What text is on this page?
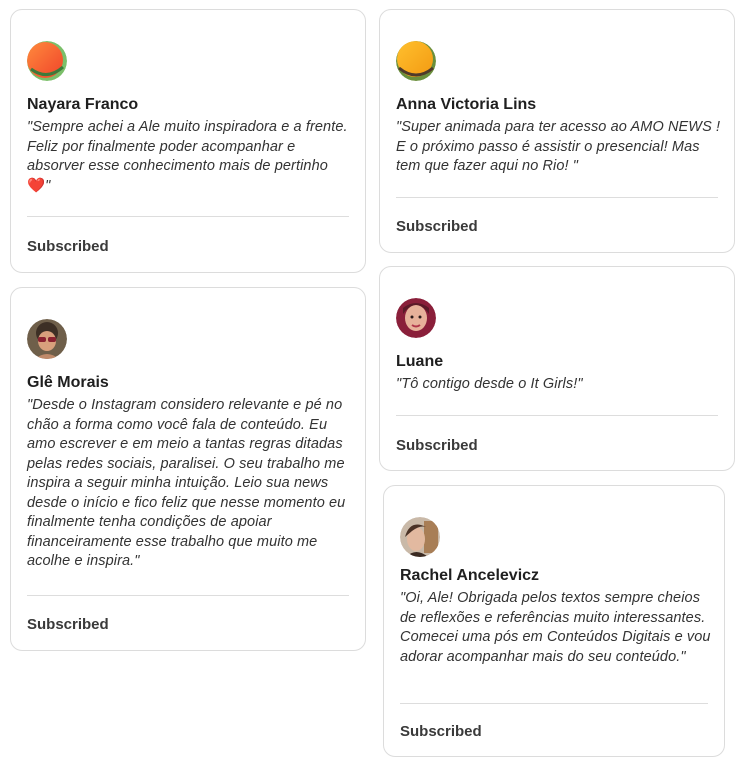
Nayara Franco
"Sempre achei a Ale muito inspiradora e a frente. Feliz por finalmente poder acompanhar e absorver esse conhecimento mais de pertinho ❤️"
Subscribed
Anna Victoria Lins
"Super animada para ter acesso ao AMO NEWS ! E o próximo passo é assistir o presencial! Mas tem que fazer aqui no Rio! "
Subscribed
Glê Morais
"Desde o Instagram considero relevante e pé no chão a forma como você fala de conteúdo. Eu amo escrever e em meio a tantas regras ditadas pelas redes sociais, paralisei. O seu trabalho me inspira a seguir minha intuição. Leio sua news desde o início e fico feliz que nesse momento eu finalmente tenha condições de apoiar financeiramente esse trabalho que muito me acolhe e inspira."
Subscribed
Luane
"Tô contigo desde o It Girls!"
Subscribed
Rachel Ancelevicz
"Oi, Ale! Obrigada pelos textos sempre cheios de reflexões e referências muito interessantes. Comecei uma pós em Conteúdos Digitais e vou adorar acompanhar mais do seu conteúdo."
Subscribed
